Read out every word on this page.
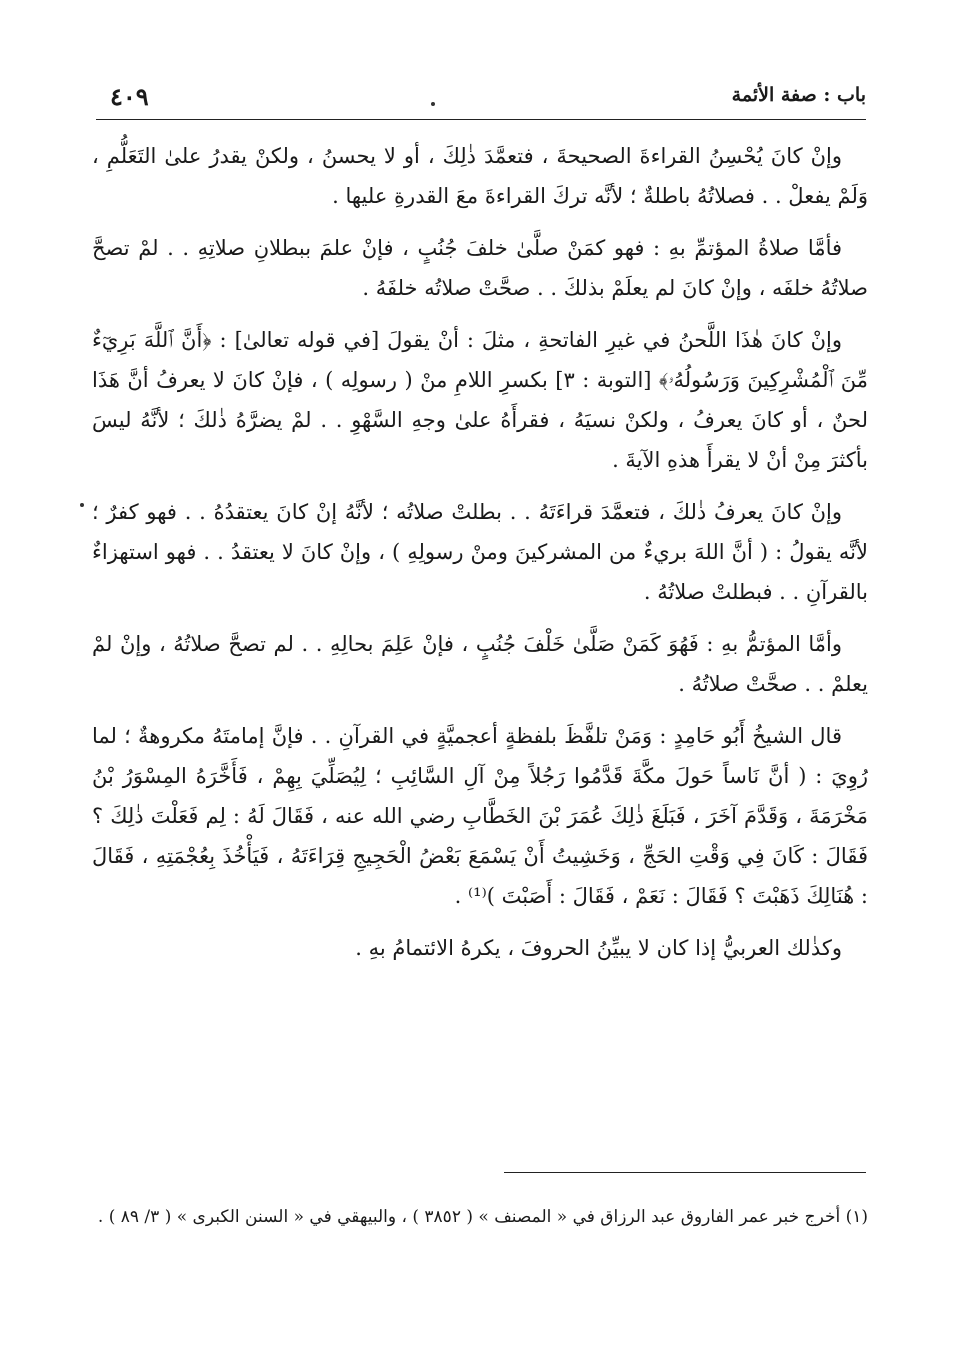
٤٠٩	باب : صفة الأئمة

وإنْ كانَ يُحْسِنُ القراءةَ الصحيحةَ ، فتعمَّدَ ذٰلِكَ ، أو لا يحسنُ ، ولكنْ يقدرُ علىٰ التَعَلُّمِ ، وَلَمْ يفعلْ . . فصلاتُهُ باطلةٌ ؛ لأنَّه تركَ القراءةَ معَ القدرةِ عليها .

فأمَّا صلاةُ المؤتمِّ بهِ : فهو كمَنْ صلَّىٰ خلفَ جُنُبٍ ، فإنْ علمَ ببطلانِ صلاتِهِ . . لمْ تصحَّ صلاتُهُ خلفَه ، وإنْ كانَ لم يعلَمْ بذلكَ . . صحَّتْ صلاتُه خلفَهُ .

وإنْ كانَ هٰذَا اللَّحنُ في غيرِ الفاتحةِ ، مثلَ : أنْ يقولَ [في قوله تعالىٰ] : ﴿أَنَّ ٱللَّهَ بَرِيٓءٌ مِّنَ ٱلْمُشْرِكِينَ وَرَسُولُهُۥ﴾ [التوبة : ٣] بكسرِ اللامِ منْ ( رسولِه ) ، فإنْ كانَ لا يعرفُ أنَّ هَذَا لحنٌ ، أو كانَ يعرفُ ، ولكنْ نسيَهُ ، فقرأَهُ علىٰ وجهِ السَّهْوِ . . لمْ يضرَّهُ ذٰلكَ ؛ لأنَّهُ ليسَ بأكثرَ مِنْ أنْ لا يقرأَ هذهِ الآيةَ .

وإنْ كانَ يعرفُ ذٰلكَ ، فتعمَّدَ قراءَتَهُ . . بطلتْ صلاتُه ؛ لأنَّهُ إنْ كانَ يعتقدُهُ . . فهو كفرٌ ؛ لأنَّه يقولُ : ( أنَّ اللهَ بريءٌ من المشركينَ ومنْ رسولِهِ ) ، وإنْ كانَ لا يعتقدُ . . فهو استهزاءٌ بالقرآنِ . . فبطلتْ صلاتُهُ .

وأمَّا المؤتمُّ بهِ : فَهُوَ كَمَنْ صَلَّىٰ خَلْفَ جُنُبٍ ، فإنْ عَلِمَ بحالِهِ . . لم تصحَّ صلاتُهُ ، وإنْ لمْ يعلمْ . . صحَّتْ صلاتُهُ .

قال الشيخُ أَبُو حَامِدٍ : وَمَنْ تلفَّظَ بلفظةٍ أعجميَّةٍ في القرآنِ . . فإنَّ إمامتَهُ مكروهةٌ ؛ لما رُوِيَ : ( أنَّ نَاساً حَولَ مكَّةَ قَدَّمُوا رَجُلاً مِنْ آلِ السَّائِبِ ؛ لِيُصَلِّيَ بِهِمْ ، فَأَخَّرَهُ المِسْوَرُ بْنُ مَخْرَمَةَ ، وَقَدَّمَ آخَرَ ، فَبَلَغَ ذٰلِكَ عُمَرَ بْنَ الخَطَّابِ رضي الله عنه ، فَقَالَ لَهُ : لِم فَعَلْتَ ذٰلِكَ ؟ فَقَالَ : كَانَ فِي وَقْتِ الحَجِّ ، وَخَشِيتُ أَنْ يَسْمَعَ بَعْضُ الْحَجِيجِ قِرَاءَتَهُ ، فَيَأْخُذَ بِعُجْمَتِهِ ، فَقَالَ : هُنَالِكَ ذَهَبْتَ ؟ فَقَالَ : نَعَمْ ، فَقَالَ : أَصَبْتَ )⁽¹⁾ .

وكذٰلك العربيُّ إذا كان لا يبيِّنُ الحروفَ ، يكرهُ الائتمامُ بهِ .

(١) أخرج خبر عمر الفاروق عبد الرزاق في « المصنف » ( ٣٨٥٢ ) ، والبيهقي في « السنن الكبرى » ( ٣/ ٨٩ ) .
